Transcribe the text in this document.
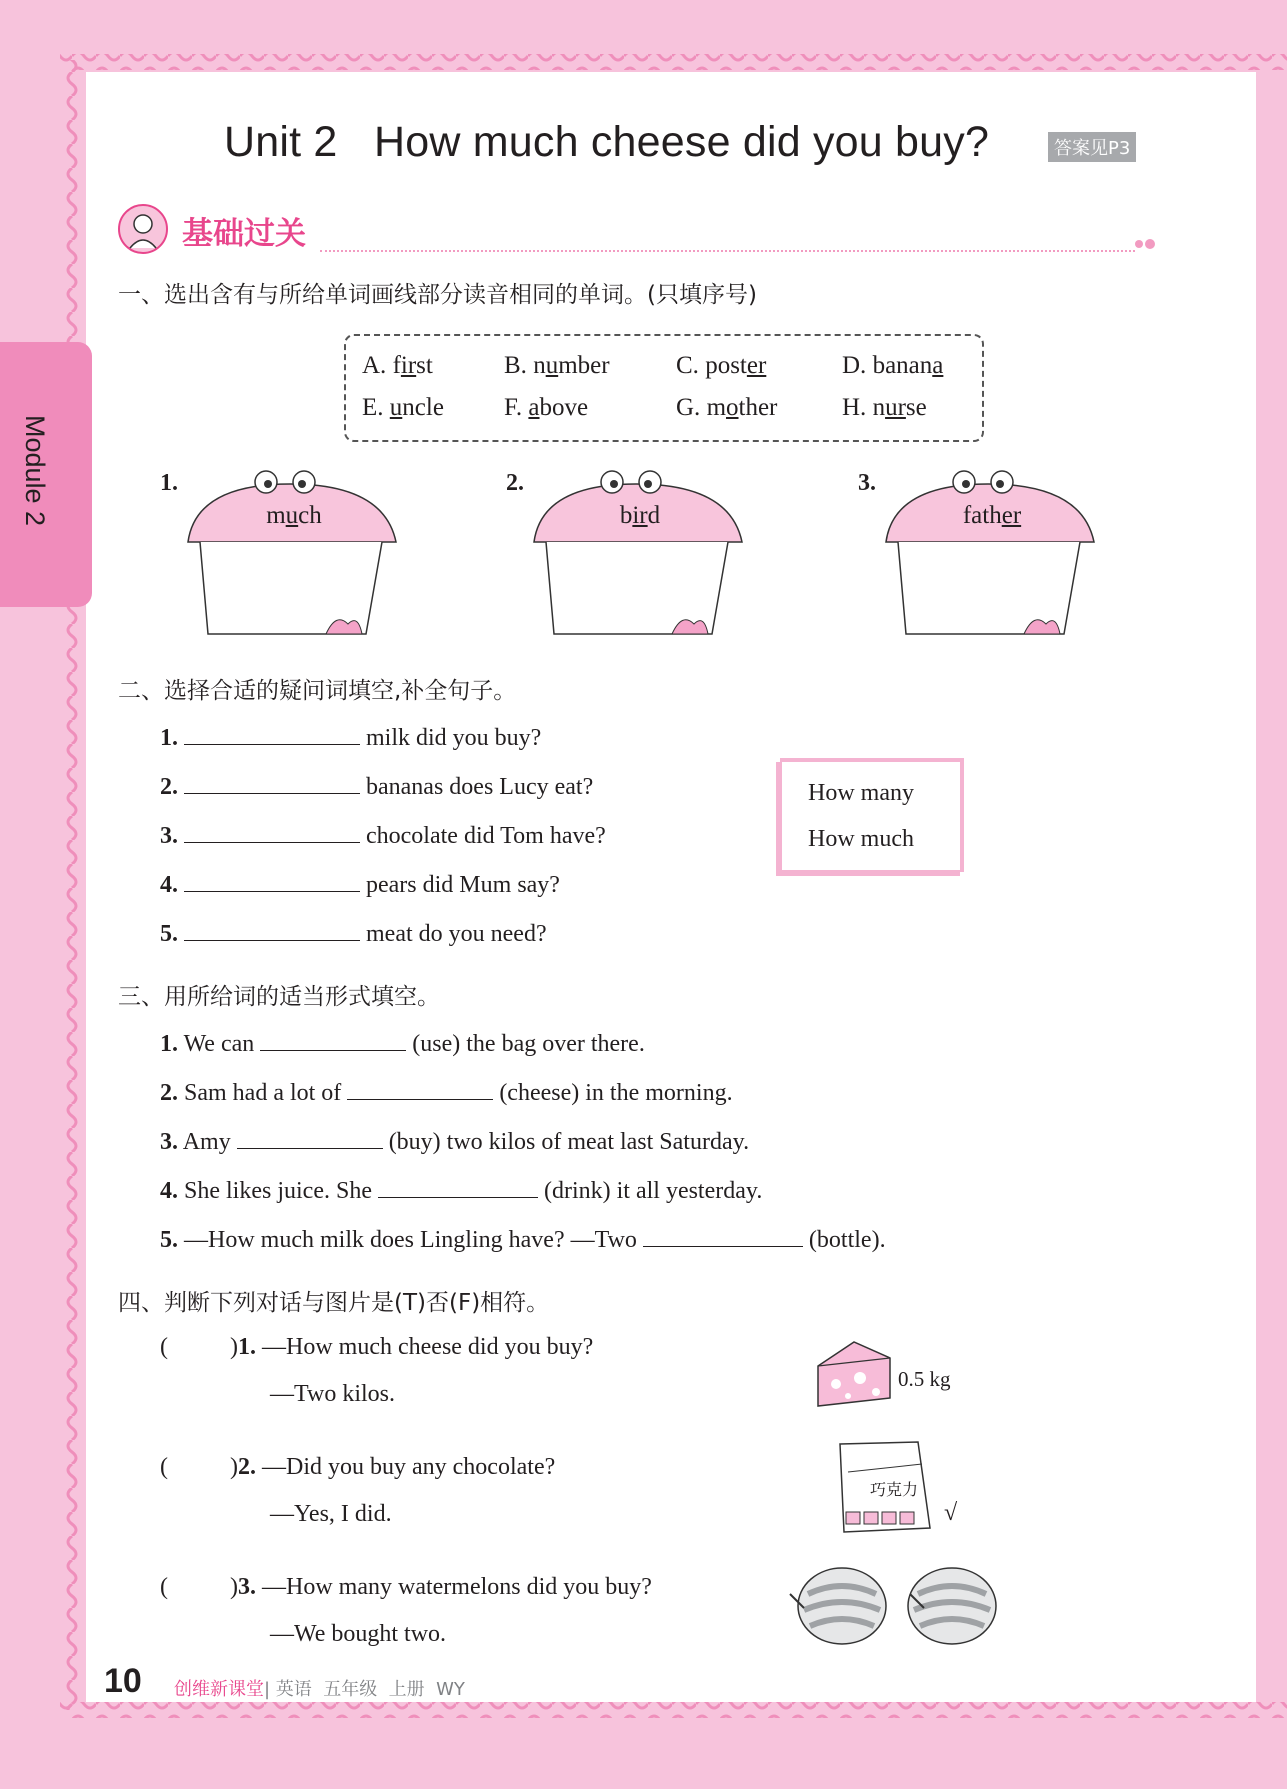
Module 2
Unit 2   How much cheese did you buy?	答案见P3
基础过关
一、选出含有与所给单词画线部分读音相同的单词。(只填序号)
A. first	B. number	C. poster	D. banana
E. uncle F. above	G. mother	H. nurse
1.	2.	3.
much	bird	father
二、选择合适的疑问词填空,补全句子。
1.	milk did you buy?
2.	bananas does Lucy eat?
3.	chocolate did Tom have?
4.	pears did Mum say?
5.	meat do you need?
How many
How much
三、用所给词的适当形式填空。
1. We can	(use) the bag over there.
2. Sam had a lot of	(cheese) in the morning.
3. Amy	(buy) two kilos of meat last Saturday.
4. She likes juice. She	(drink) it all yesterday.
5. —How much milk does Lingling have? —Two	(bottle).
四、判断下列对话与图片是(T)否(F)相符。
(	)1. —How much cheese did you buy?
—Two kilos.
(	)2. —Did you buy any chocolate?
—Yes, I did.
(	)3. —How many watermelons did you buy?
—We bought two.
0.5 kg
巧克力
√
10 创维新课堂| 英语  五年级  上册  WY
